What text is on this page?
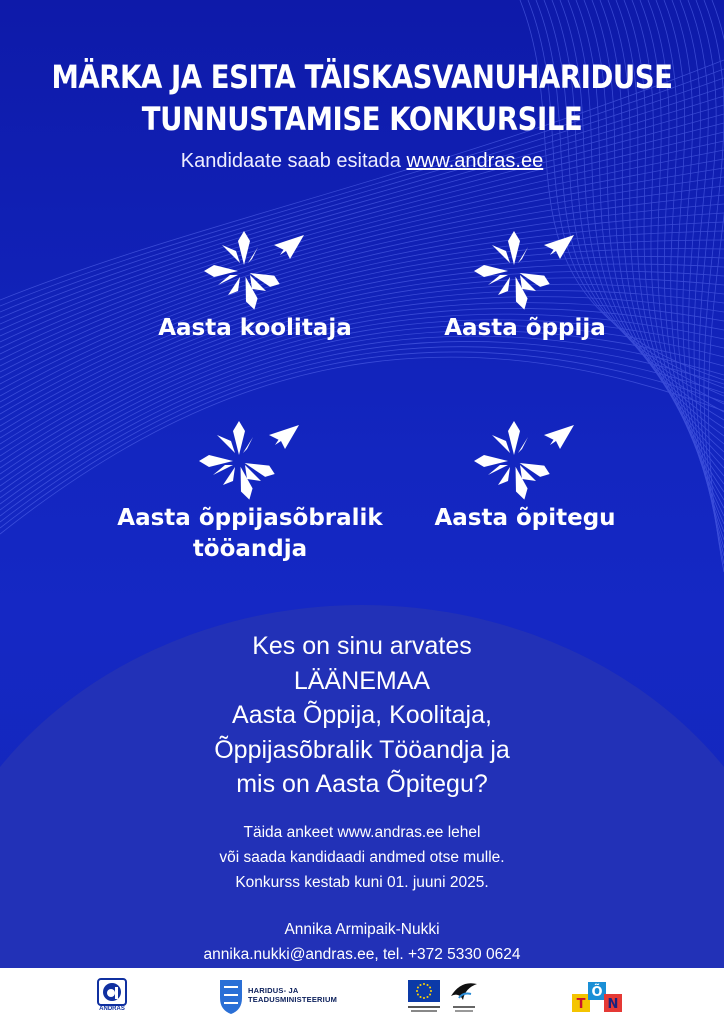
MÄRKA JA ESITA TÄISKASVANUHARIDUSE
TUNNUSTAMISE KONKURSILE
Kandidaate saab esitada www.andras.ee
Aasta koolitaja	Aasta õppija
Aasta õppijasõbralik
tööandja
Aasta õpitegu
Kes on sinu arvates
LÄÄNEMAA
Aasta Õppija, Koolitaja,
Õppijasõbralik Tööandja ja
mis on Aasta Õpitegu?
Täida ankeet www.andras.ee lehel
või saada kandidaadi andmed otse mulle.
Konkurss kestab kuni 01. juuni 2025.
Annika Armipaik-Nukki
annika.nukki@andras.ee, tel. +372 5330 0624
ANDRAS
HARIDUS- JA
TEADUSMINISTEERIUM	T
Õ
N
